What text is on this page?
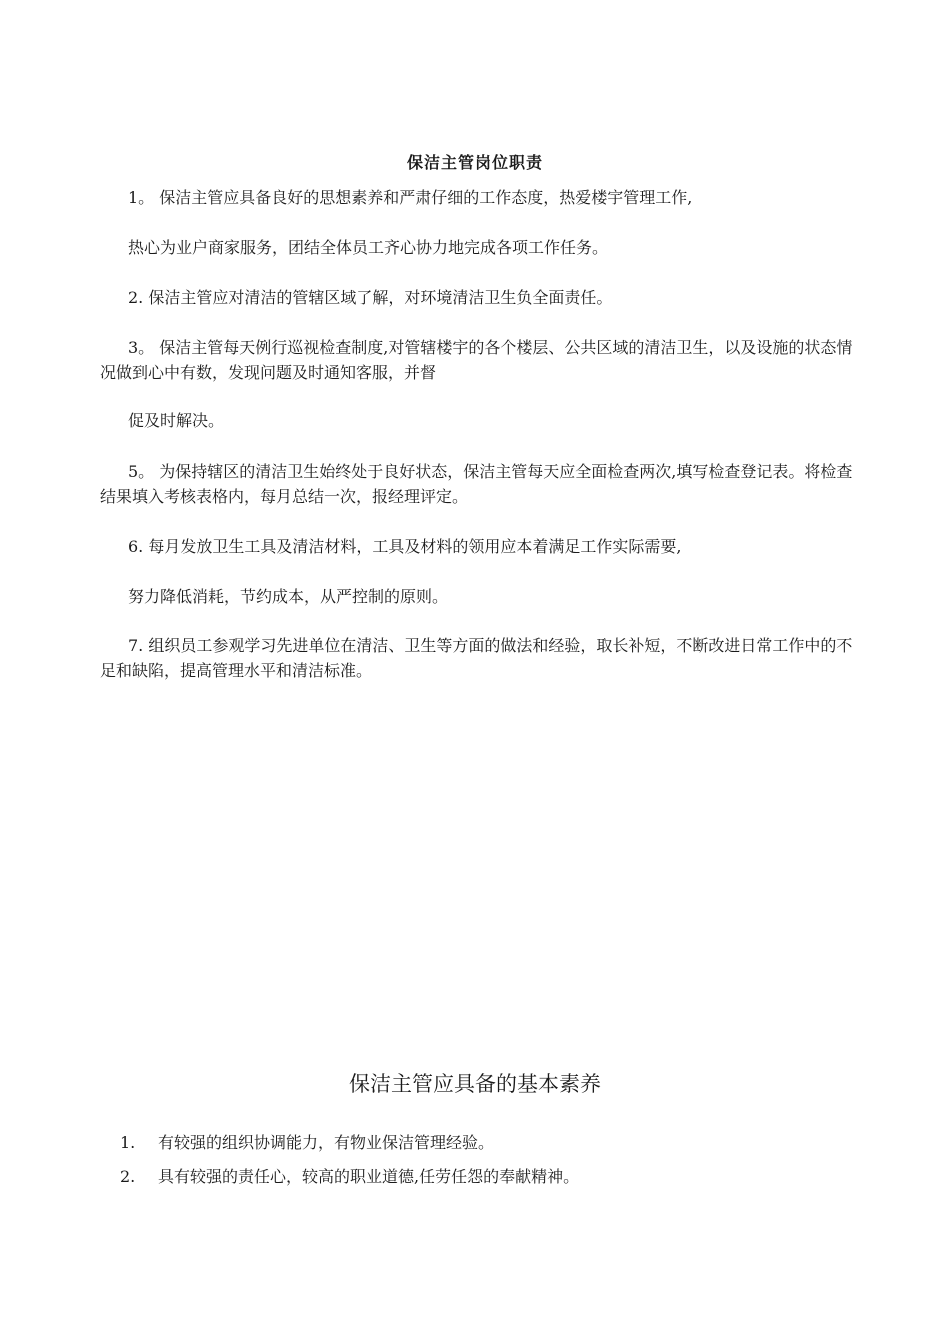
保洁主管岗位职责
1。 保洁主管应具备良好的思想素养和严肃仔细的工作态度，热爱楼宇管理工作,
热心为业户商家服务，团结全体员工齐心协力地完成各项工作任务。
2. 保洁主管应对清洁的管辖区域了解，对环境清洁卫生负全面责任。
3。 保洁主管每天例行巡视检查制度,对管辖楼宇的各个楼层、公共区域的清洁卫生，以及设施的状态情况做到心中有数，发现问题及时通知客服，并督
促及时解决。
5。 为保持辖区的清洁卫生始终处于良好状态，保洁主管每天应全面检查两次,填写检查登记表。将检查结果填入考核表格内，每月总结一次，报经理评定。
6. 每月发放卫生工具及清洁材料，工具及材料的领用应本着满足工作实际需要,
努力降低消耗，节约成本，从严控制的原则。
7. 组织员工参观学习先进单位在清洁、卫生等方面的做法和经验，取长补短，不断改进日常工作中的不足和缺陷，提高管理水平和清洁标准。
保洁主管应具备的基本素养
1. 有较强的组织协调能力，有物业保洁管理经验。
2. 具有较强的责任心，较高的职业道德,任劳任怨的奉献精神。
